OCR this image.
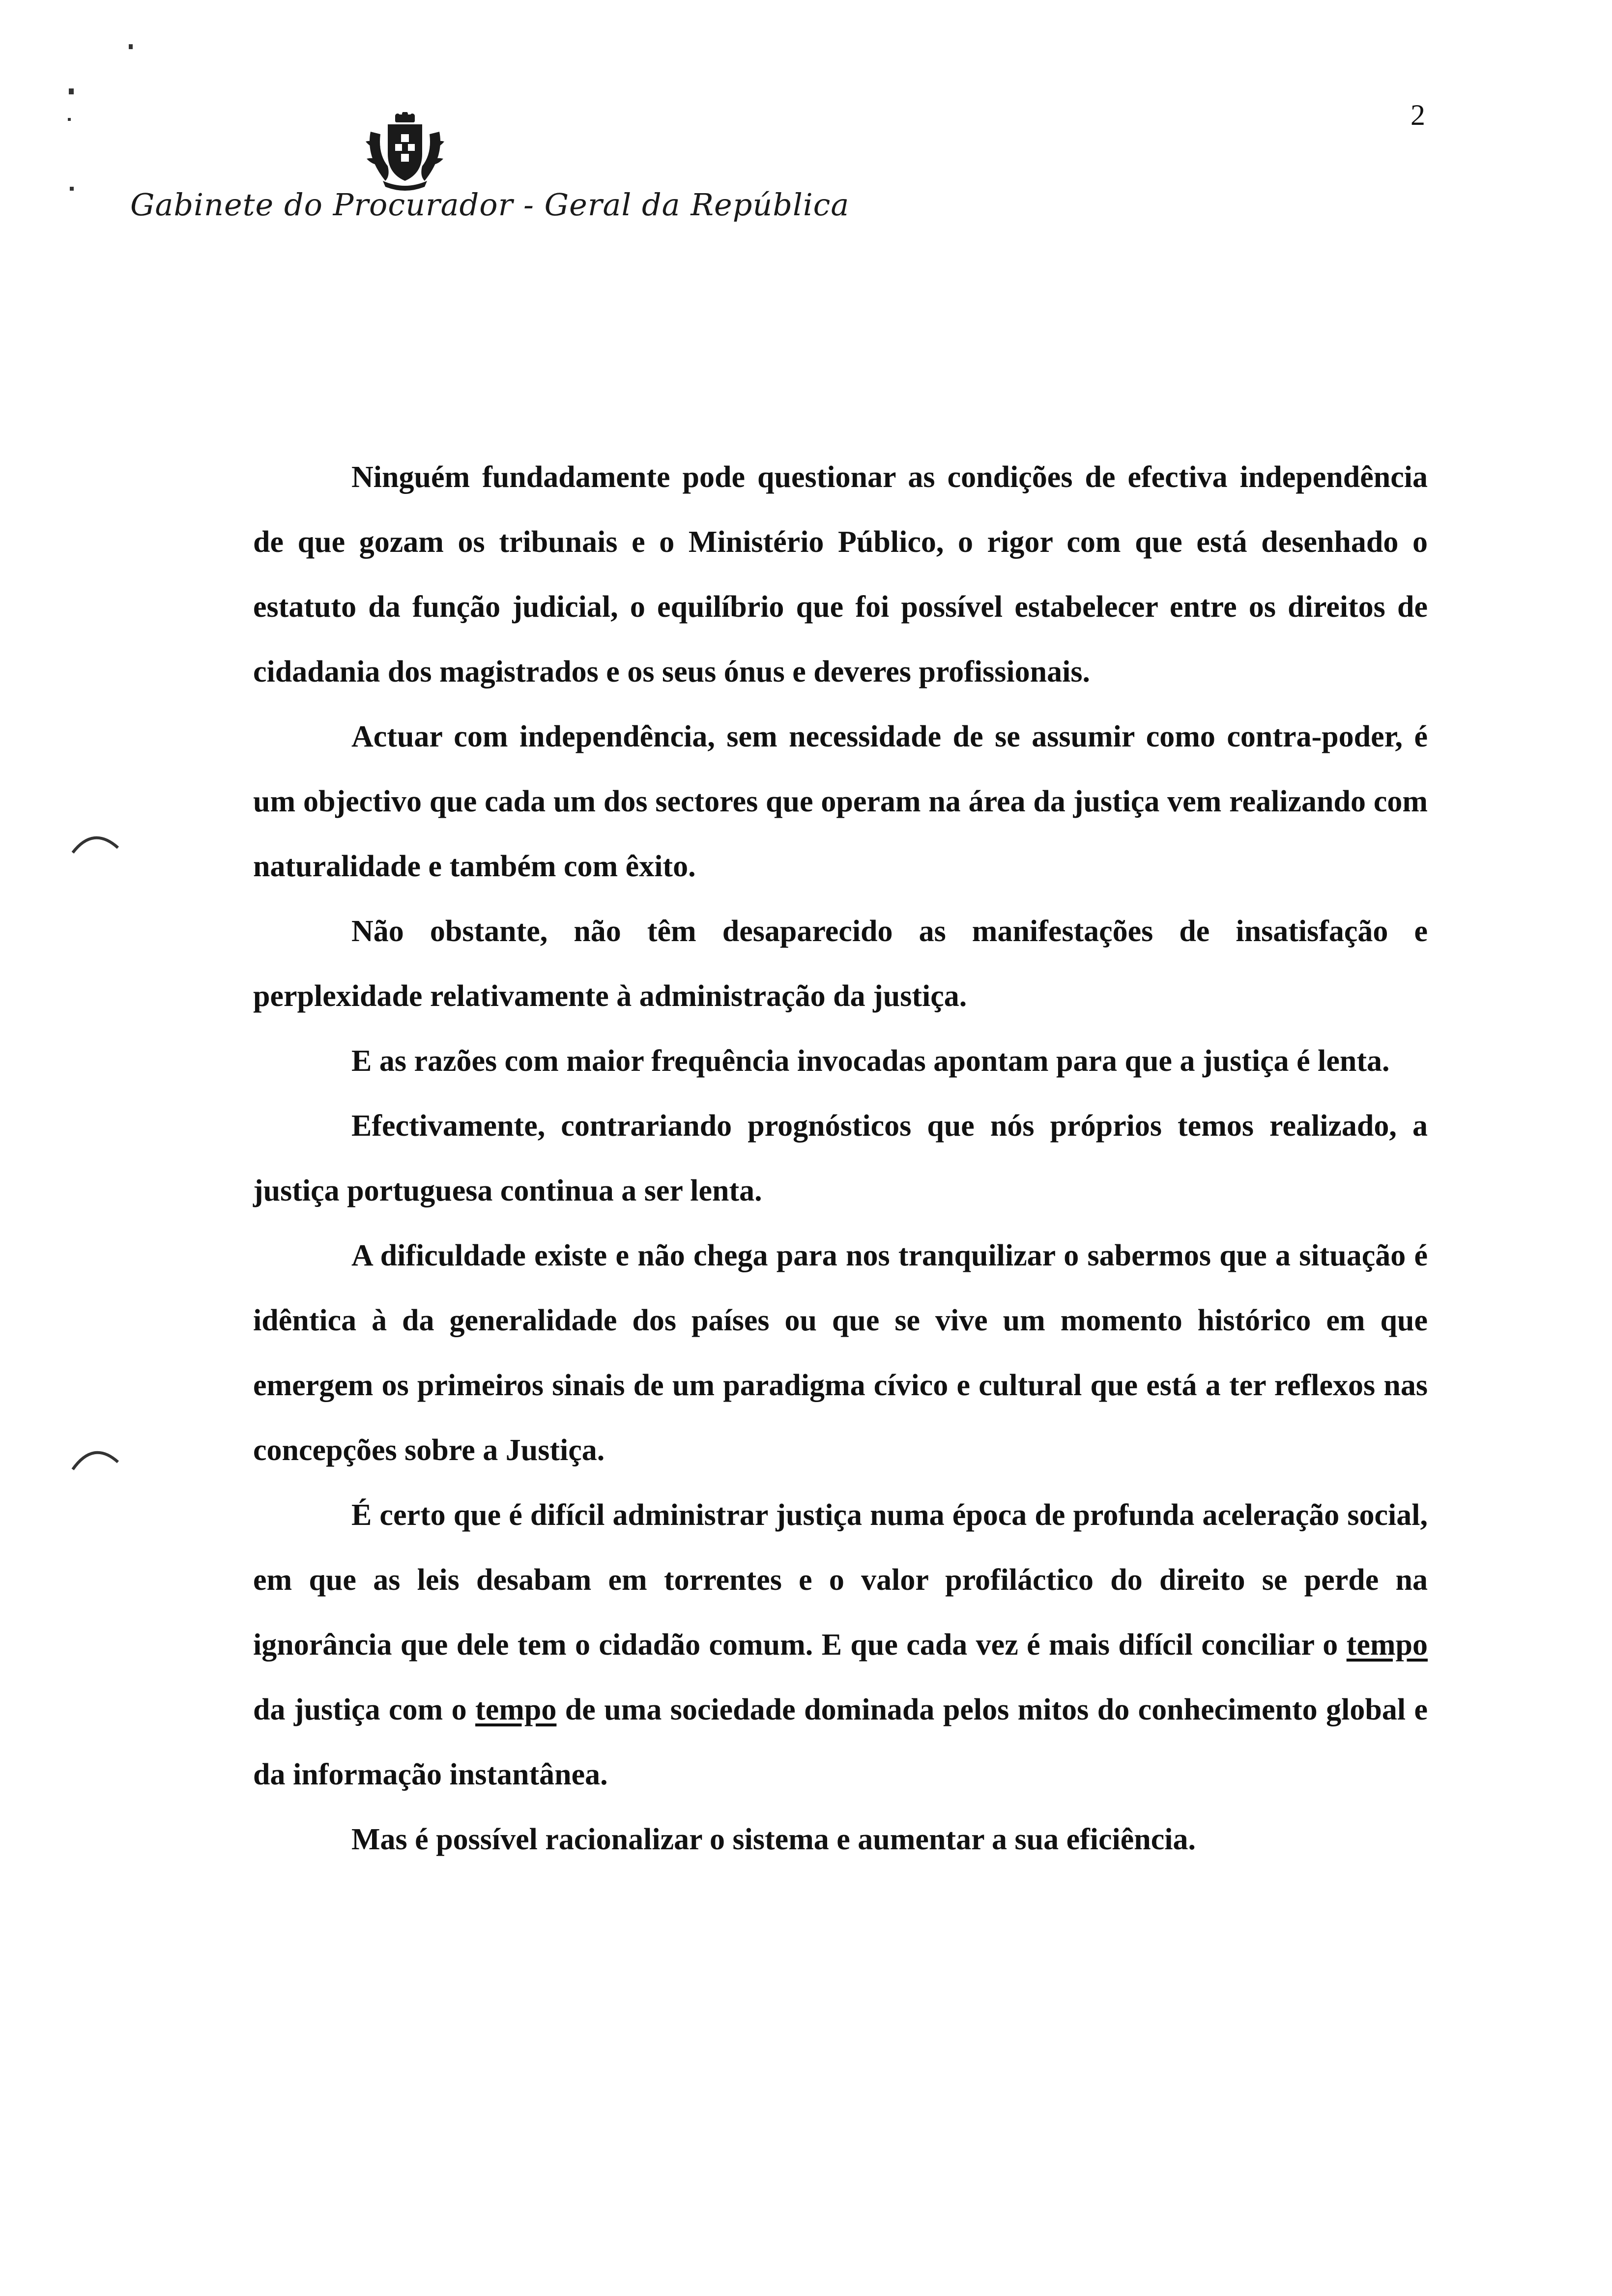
2
Gabinete do Procurador - Geral da República

Ninguém fundadamente pode questionar as condições de efectiva independência de que gozam os tribunais e o Ministério Público, o rigor com que está desenhado o estatuto da função judicial, o equilíbrio que foi possível estabelecer entre os direitos de cidadania dos magistrados e os seus ónus e deveres profissionais.

Actuar com independência, sem necessidade de se assumir como contra-poder, é um objectivo que cada um dos sectores que operam na área da justiça vem realizando com naturalidade e também com êxito.

Não obstante, não têm desaparecido as manifestações de insatisfação e perplexidade relativamente à administração da justiça.

E as razões com maior frequência invocadas apontam para que a justiça é lenta.

Efectivamente, contrariando prognósticos que nós próprios temos realizado, a justiça portuguesa continua a ser lenta.

A dificuldade existe e não chega para nos tranquilizar o sabermos que a situação é idêntica à da generalidade dos países ou que se vive um momento histórico em que emergem os primeiros sinais de um paradigma cívico e cultural que está a ter reflexos nas concepções sobre a Justiça.

É certo que é difícil administrar justiça numa época de profunda aceleração social, em que as leis desabam em torrentes e o valor profiláctico do direito se perde na ignorância que dele tem o cidadão comum. E que cada vez é mais difícil conciliar o tempo da justiça com o tempo de uma sociedade dominada pelos mitos do conhecimento global e da informação instantânea.

Mas é possível racionalizar o sistema e aumentar a sua eficiência.
